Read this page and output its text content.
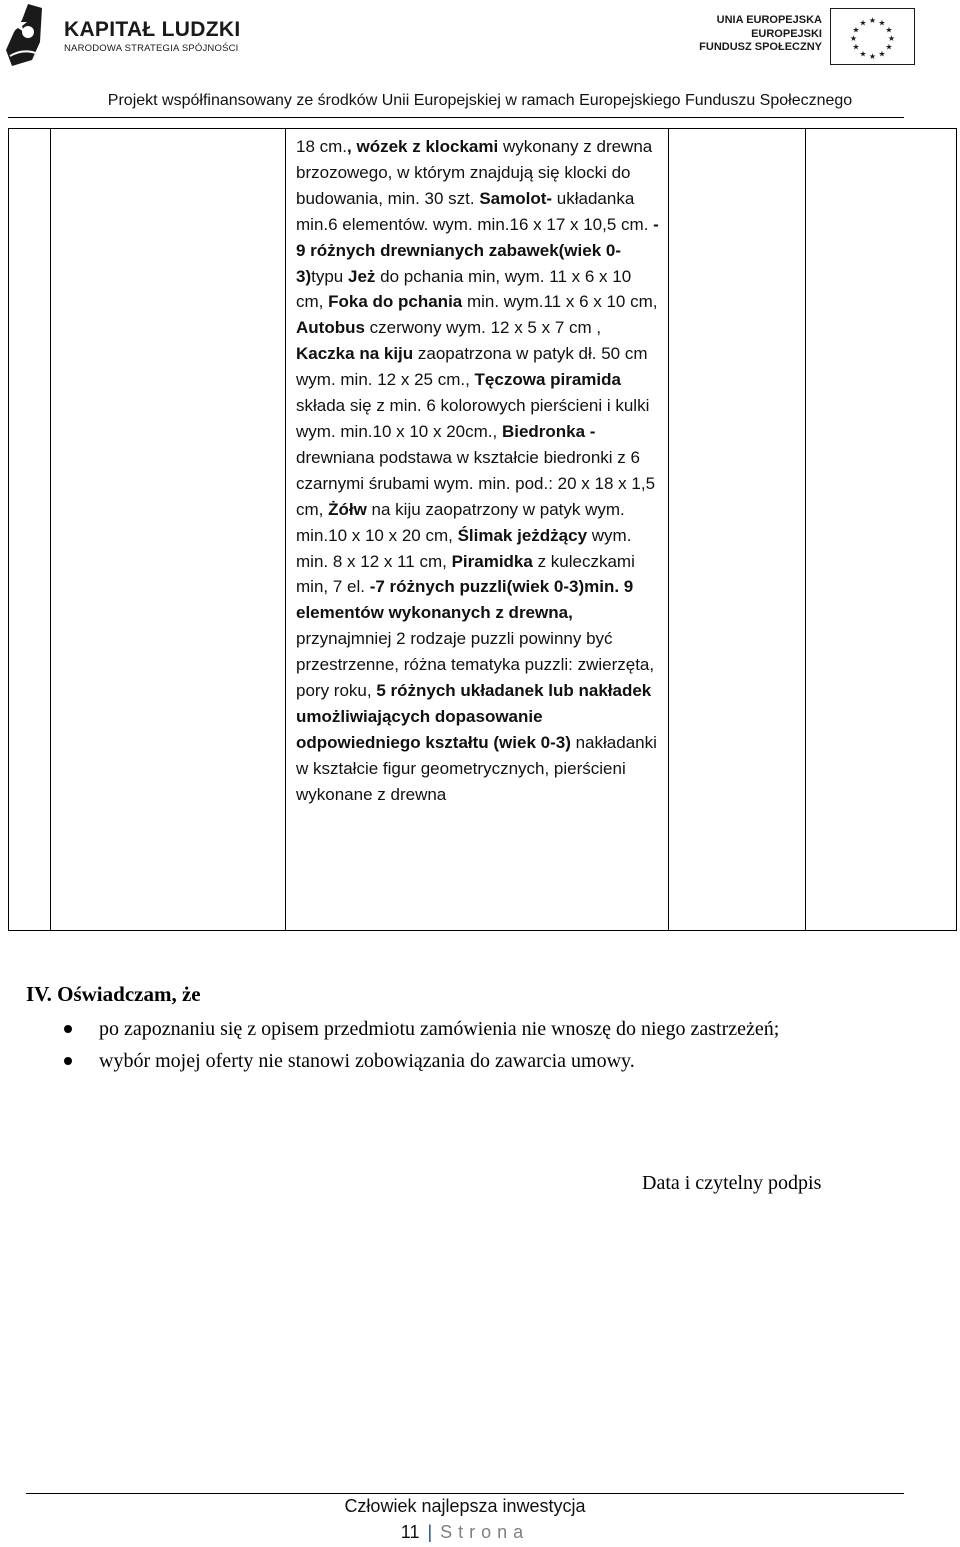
KAPITAŁ LUDZKI
NARODOWA STRATEGIA SPÓJNOŚCI
UNIA EUROPEJSKA
EUROPEJSKI
FUNDUSZ SPOŁECZNY
★ ★
★
★
★
★
★
★
★
★
★
★
Projekt współfinansowany ze środków Unii Europejskiej w ramach Europejskiego Funduszu Społecznego

18 cm., wózek z klockami wykonany z drewna brzozowego, w którym znajdują się klocki do budowania, min. 30 szt. Samolot- układanka min.6 elementów. wym. min.16 x 17 x 10,5 cm. - 9 różnych drewnianych zabawek(wiek 0-3)typu Jeż do pchania min, wym. 11 x 6 x 10 cm, Foka do pchania min. wym.11 x 6 x 10 cm, Autobus czerwony wym. 12 x 5 x 7 cm , Kaczka na kiju zaopatrzona w patyk dł. 50 cm wym. min. 12 x 25 cm., Tęczowa piramida składa się z min. 6 kolorowych pierścieni i kulki wym. min.10 x 10 x 20cm., Biedronka - drewniana podstawa w kształcie biedronki z 6 czarnymi śrubami wym. min. pod.: 20 x 18 x 1,5 cm, Żółw na kiju zaopatrzony w patyk wym. min.10 x 10 x 20 cm, Ślimak jeżdżący wym. min. 8 x 12 x 11 cm, Piramidka z kuleczkami min, 7 el. -7 różnych puzzli(wiek 0-3)min. 9 elementów wykonanych z drewna, przynajmniej 2 rodzaje puzzli powinny być przestrzenne, różna tematyka puzzli: zwierzęta, pory roku, 5 różnych układanek lub nakładek umożliwiających dopasowanie odpowiedniego kształtu (wiek 0-3) nakładanki w kształcie figur geometrycznych, pierścieni wykonane z drewna

IV. Oświadczam, że
po zapoznaniu się z opisem przedmiotu zamówienia nie wnoszę do niego zastrzeżeń;
wybór mojej oferty nie stanowi zobowiązania do zawarcia umowy.
Data i czytelny podpis
Człowiek najlepsza inwestycja
11 | Strona
